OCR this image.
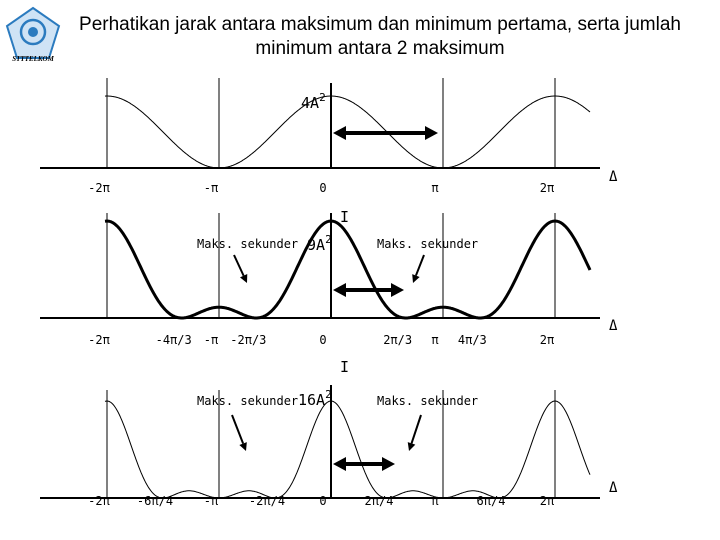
STTTELKOM
Perhatikan jarak antara maksimum dan minimum pertama, serta jumlah
minimum antara 2 maksimum
-2π	-π	0	π	2π
$4A^2$
Δ
I
-2π	-4π/3 -π -2π/3	0	2π/3 π 4π/3	2π
$9A^2$
Δ
I
Maks. sekunder	Maks. sekunder
-2π -6π/4	-π	-2π/4	0	2π/4	π	6π/4	2π
$16A^2$
Δ
Maks. sekunder	Maks. sekunder
